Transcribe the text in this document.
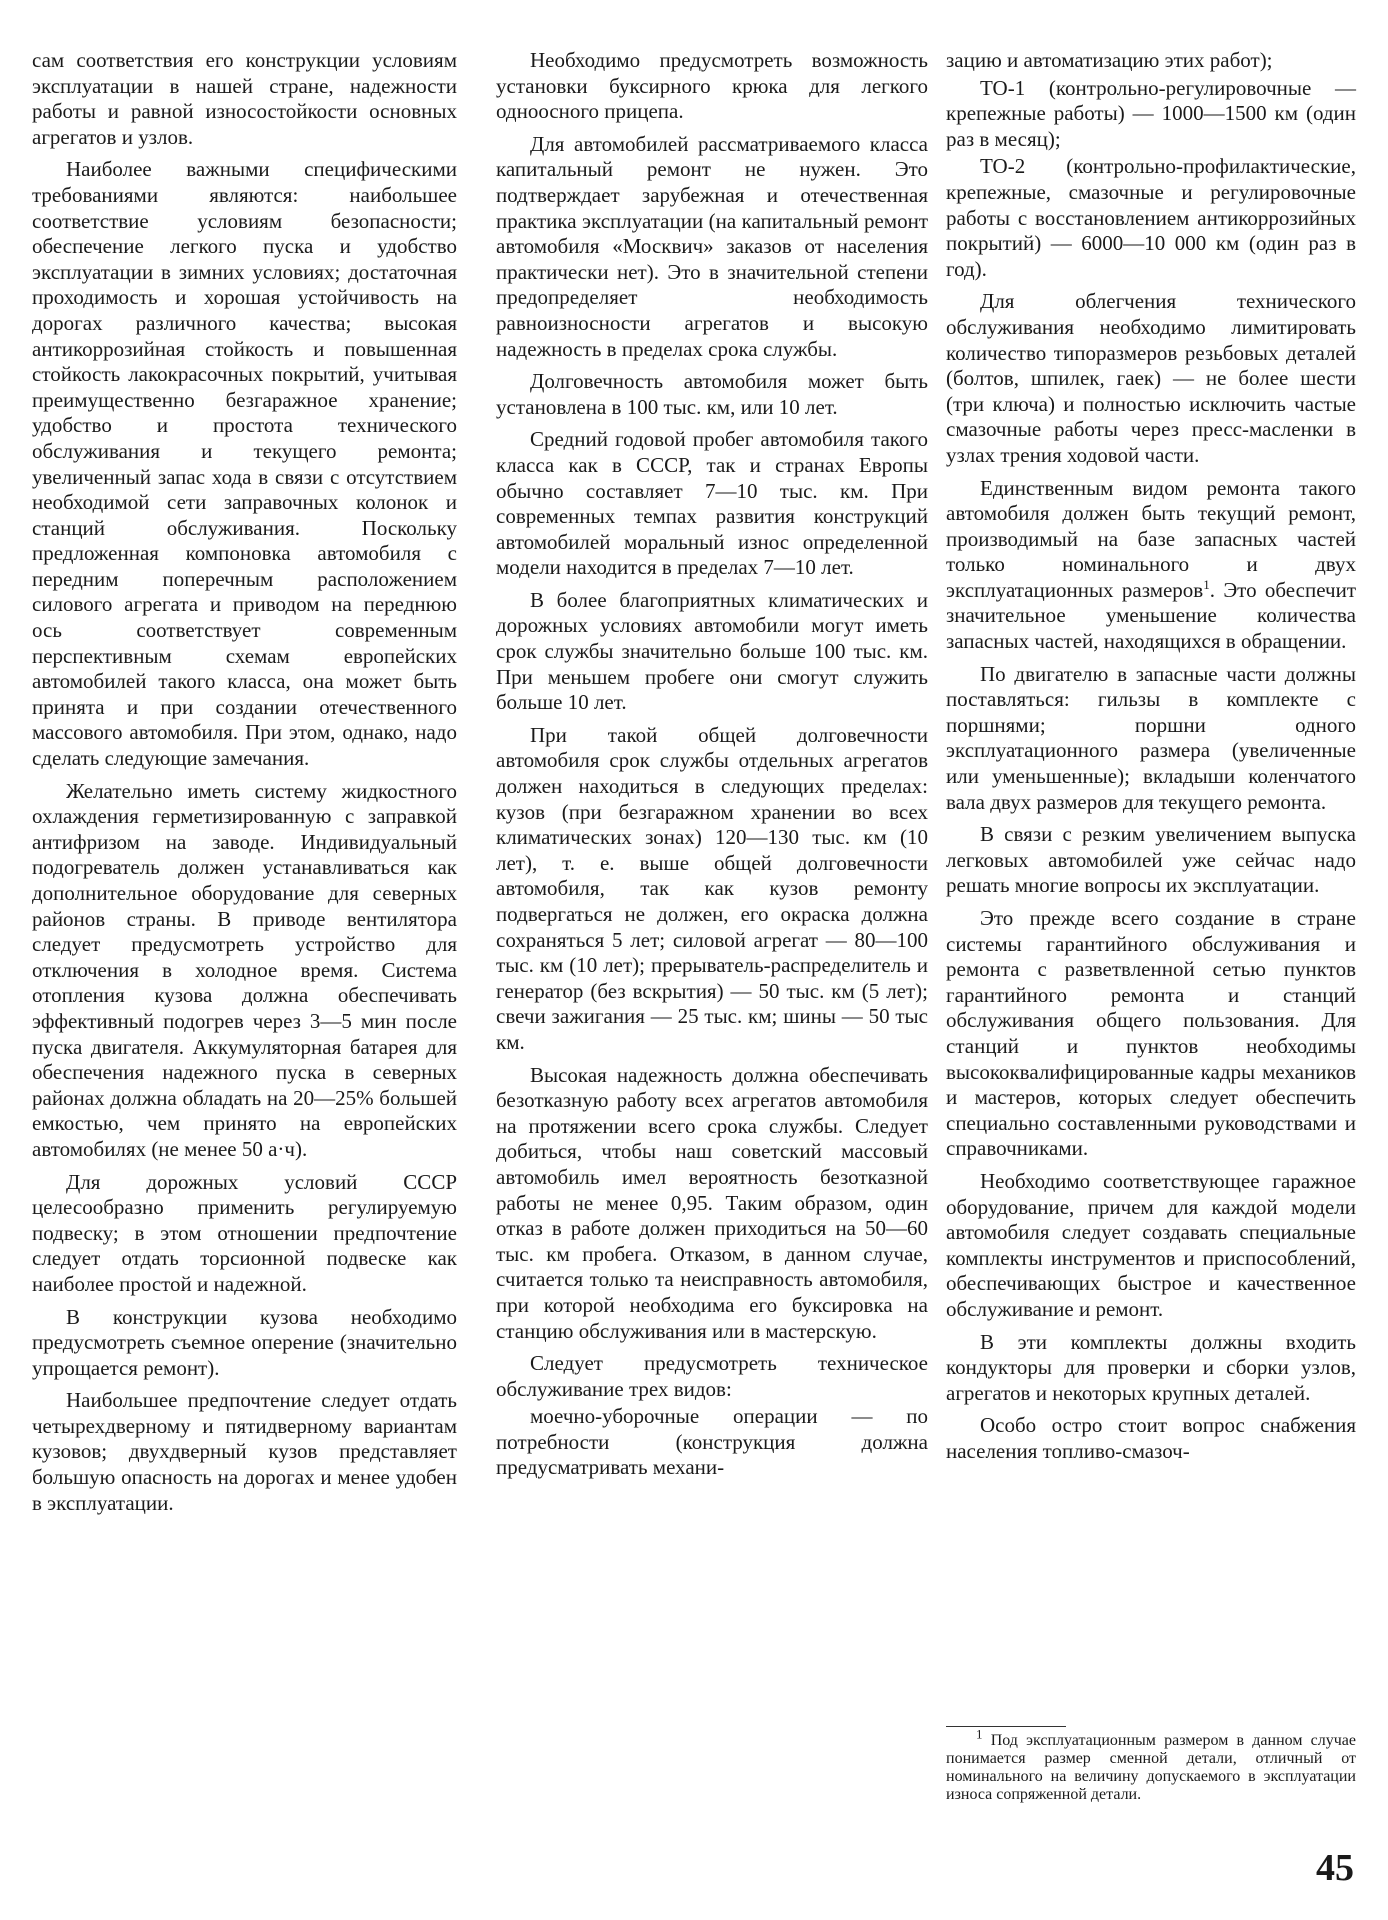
сам соответствия его конструкции условиям эксплуатации в нашей стране, надежности работы и равной износостойкости основных агрегатов и узлов.

Наиболее важными специфическими требованиями являются: наибольшее соответствие условиям безопасности; обеспечение легкого пуска и удобство эксплуатации в зимних условиях; достаточная проходимость и хорошая устойчивость на дорогах различного качества; высокая антикоррозийная стойкость и повышенная стойкость лакокрасочных покрытий, учитывая преимущественно безгаражное хранение; удобство и простота технического обслуживания и текущего ремонта; увеличенный запас хода в связи с отсутствием необходимой сети заправочных колонок и станций обслуживания. Поскольку предложенная компоновка автомобиля с передним поперечным расположением силового агрегата и приводом на переднюю ось соответствует современным перспективным схемам европейских автомобилей такого класса, она может быть принята и при создании отечественного массового автомобиля. При этом, однако, надо сделать следующие замечания.

Желательно иметь систему жидкостного охлаждения герметизированную с заправкой антифризом на заводе. Индивидуальный подогреватель должен устанавливаться как дополнительное оборудование для северных районов страны. В приводе вентилятора следует предусмотреть устройство для отключения в холодное время. Система отопления кузова должна обеспечивать эффективный подогрев через 3—5 мин после пуска двигателя. Аккумуляторная батарея для обеспечения надежного пуска в северных районах должна обладать на 20—25% большей емкостью, чем принято на европейских автомобилях (не менее 50 а·ч).

Для дорожных условий СССР целесообразно применить регулируемую подвеску; в этом отношении предпочтение следует отдать торсионной подвеске как наиболее простой и надежной.

В конструкции кузова необходимо предусмотреть съемное оперение (значительно упрощается ремонт).

Наибольшее предпочтение следует отдать четырехдверному и пятидверному вариантам кузовов; двухдверный кузов представляет большую опасность на дорогах и менее удобен в эксплуатации.

Необходимо предусмотреть возможность установки буксирного крюка для легкого одноосного прицепа.

Для автомобилей рассматриваемого класса капитальный ремонт не нужен. Это подтверждает зарубежная и отечественная практика эксплуатации (на капитальный ремонт автомобиля «Москвич» заказов от населения практически нет). Это в значительной степени предопределяет необходимость равноизносности агрегатов и высокую надежность в пределах срока службы.

Долговечность автомобиля может быть установлена в 100 тыс. км, или 10 лет.

Средний годовой пробег автомобиля такого класса как в СССР, так и странах Европы обычно составляет 7—10 тыс. км. При современных темпах развития конструкций автомобилей моральный износ определенной модели находится в пределах 7—10 лет.

В более благоприятных климатических и дорожных условиях автомобили могут иметь срок службы значительно больше 100 тыс. км. При меньшем пробеге они смогут служить больше 10 лет.

При такой общей долговечности автомобиля срок службы отдельных агрегатов должен находиться в следующих пределах: кузов (при безгаражном хранении во всех климатических зонах) 120—130 тыс. км (10 лет), т. е. выше общей долговечности автомобиля, так как кузов ремонту подвергаться не должен, его окраска должна сохраняться 5 лет; силовой агрегат — 80—100 тыс. км (10 лет); прерыватель-распределитель и генератор (без вскрытия) — 50 тыс. км (5 лет); свечи зажигания — 25 тыс. км; шины — 50 тыс км.

Высокая надежность должна обеспечивать безотказную работу всех агрегатов автомобиля на протяжении всего срока службы. Следует добиться, чтобы наш советский массовый автомобиль имел вероятность безотказной работы не менее 0,95. Таким образом, один отказ в работе должен приходиться на 50—60 тыс. км пробега. Отказом, в данном случае, считается только та неисправность автомобиля, при которой необходима его буксировка на станцию обслуживания или в мастерскую.

Следует предусмотреть техническое обслуживание трех видов:

моечно-уборочные операции — по потребности (конструкция должна предусматривать механи-

зацию и автоматизацию этих работ);

ТО-1 (контрольно-регулировочные — крепежные работы) — 1000—1500 км (один раз в месяц);

ТО-2 (контрольно-профилактические, крепежные, смазочные и регулировочные работы с восстановлением антикоррозийных покрытий) — 6000—10 000 км (один раз в год).

Для облегчения технического обслуживания необходимо лимитировать количество типоразмеров резьбовых деталей (болтов, шпилек, гаек) — не более шести (три ключа) и полностью исключить частые смазочные работы через пресс-масленки в узлах трения ходовой части.

Единственным видом ремонта такого автомобиля должен быть текущий ремонт, производимый на базе запасных частей только номинального и двух эксплуатационных размеров$^1$. Это обеспечит значительное уменьшение количества запасных частей, находящихся в обращении.

По двигателю в запасные части должны поставляться: гильзы в комплекте с поршнями; поршни одного эксплуатационного размера (увеличенные или уменьшенные); вкладыши коленчатого вала двух размеров для текущего ремонта.

В связи с резким увеличением выпуска легковых автомобилей уже сейчас надо решать многие вопросы их эксплуатации.

Это прежде всего создание в стране системы гарантийного обслуживания и ремонта с разветвленной сетью пунктов гарантийного ремонта и станций обслуживания общего пользования. Для станций и пунктов необходимы высококвалифицированные кадры механиков и мастеров, которых следует обеспечить специально составленными руководствами и справочниками.

Необходимо соответствующее гаражное оборудование, причем для каждой модели автомобиля следует создавать специальные комплекты инструментов и приспособлений, обеспечивающих быстрое и качественное обслуживание и ремонт.

В эти комплекты должны входить кондукторы для проверки и сборки узлов, агрегатов и некоторых крупных деталей.

Особо остро стоит вопрос снабжения населения топливо-смазоч-

$^1$ Под эксплуатационным размером в данном случае понимается размер сменной детали, отличный от номинального на величину допускаемого в эксплуатации износа сопряженной детали.

45
